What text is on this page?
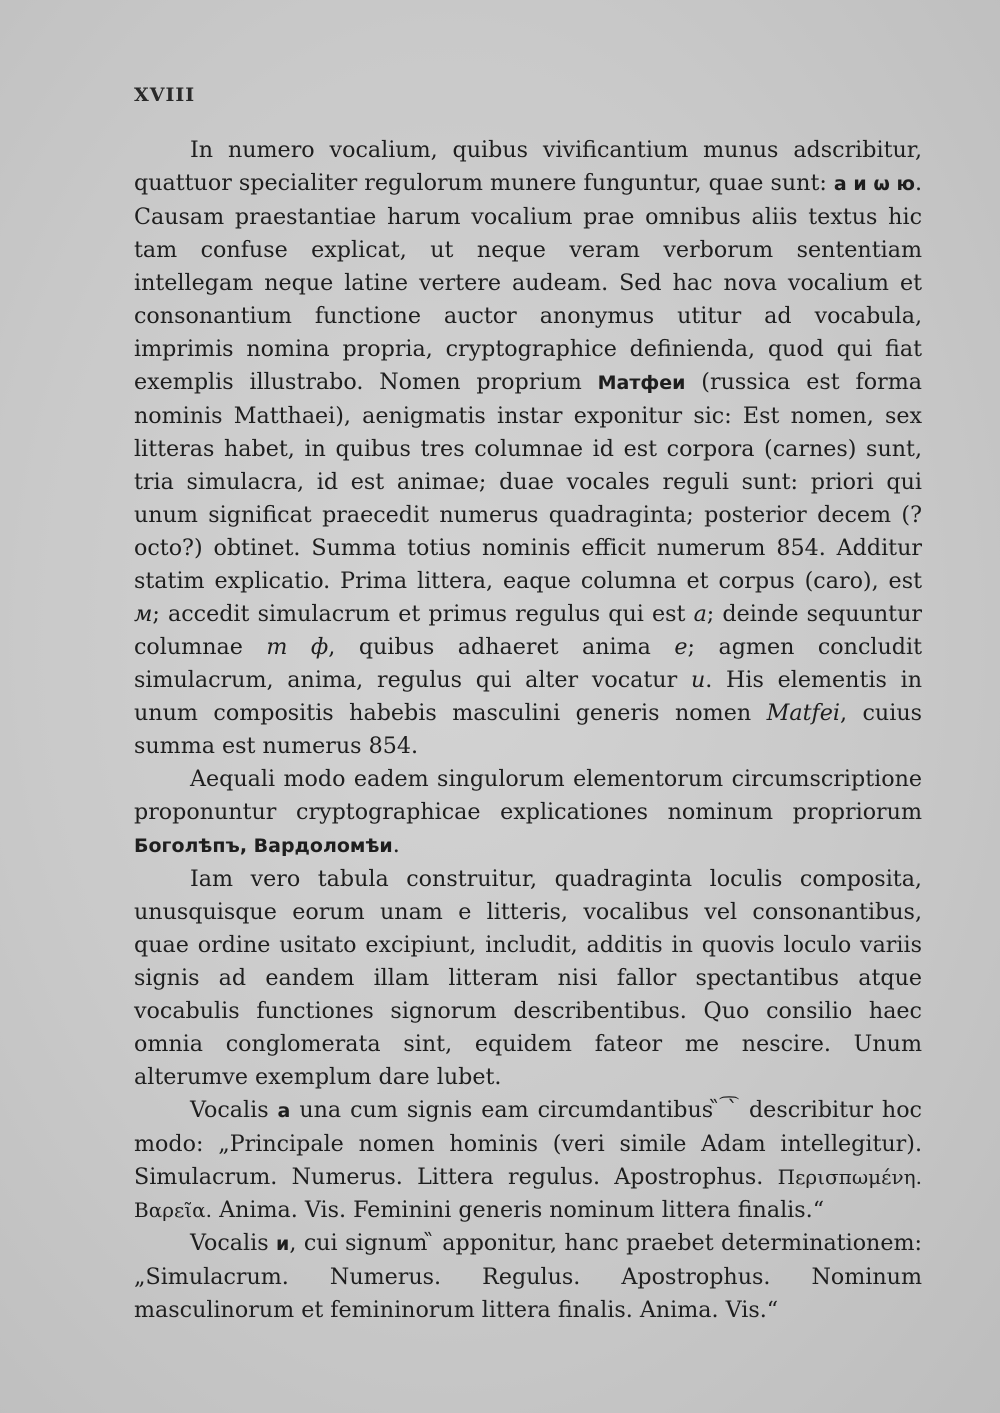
XVIII

In numero vocalium, quibus vivificantium munus adscribitur, quattuor specialiter regulorum munere funguntur, quae sunt: а и ѡ ю. Causam praestantiae harum vocalium prae omnibus aliis textus hic tam confuse explicat, ut neque veram verborum sententiam intellegam neque latine vertere audeam. Sed hac nova vocalium et consonantium functione auctor anonymus utitur ad vocabula, imprimis nomina propria, cryptographice definienda, quod qui fiat exemplis illustrabo. Nomen proprium Матфеи (russica est forma nominis Matthaei), aenigmatis instar exponitur sic: Est nomen, sex litteras habet, in quibus tres columnae id est corpora (carnes) sunt, tria simulacra, id est animae; duae vocales reguli sunt: priori qui unum significat praecedit numerus quadraginta; posterior decem (?octo?) obtinet. Summa totius nominis efficit numerum 854. Additur statim explicatio. Prima littera, eaque columna et corpus (caro), est м; accedit simulacrum et primus regulus qui est а; deinde sequuntur columnae т ф, quibus adhaeret anima е; agmen concludit simulacrum, anima, regulus qui alter vocatur и. His elementis in unum compositis habebis masculini generis nomen Matfei, cuius summa est numerus 854.

Aequali modo eadem singulorum elementorum circumscriptione proponuntur cryptographicae explicationes nominum propriorum Боголѣпъ, Вардоломѣи.

Iam vero tabula construitur, quadraginta loculis composita, unusquisque eorum unam e litteris, vocalibus vel consonantibus, quae ordine usitato excipiunt, includit, additis in quovis loculo variis signis ad eandem illam litteram nisi fallor spectantibus atque vocabulis functiones signorum describentibus. Quo consilio haec omnia conglomerata sint, equidem fateor me nescire. Unum alterumve exemplum dare lubet.

Vocalis а una cum signis eam circumdantibus ̏ ͡ ̀ describitur hoc modo: „Principale nomen hominis (veri simile Adam intellegitur). Simulacrum. Numerus. Littera regulus. Apostrophus. Περισπωμένη. Βαρεῖα. Anima. Vis. Feminini generis nominum littera finalis.“

Vocalis и, cui signum ̏ apponitur, hanc praebet determinationem: „Simulacrum. Numerus. Regulus. Apostrophus. Nominum masculinorum et femininorum littera finalis. Anima. Vis.“
